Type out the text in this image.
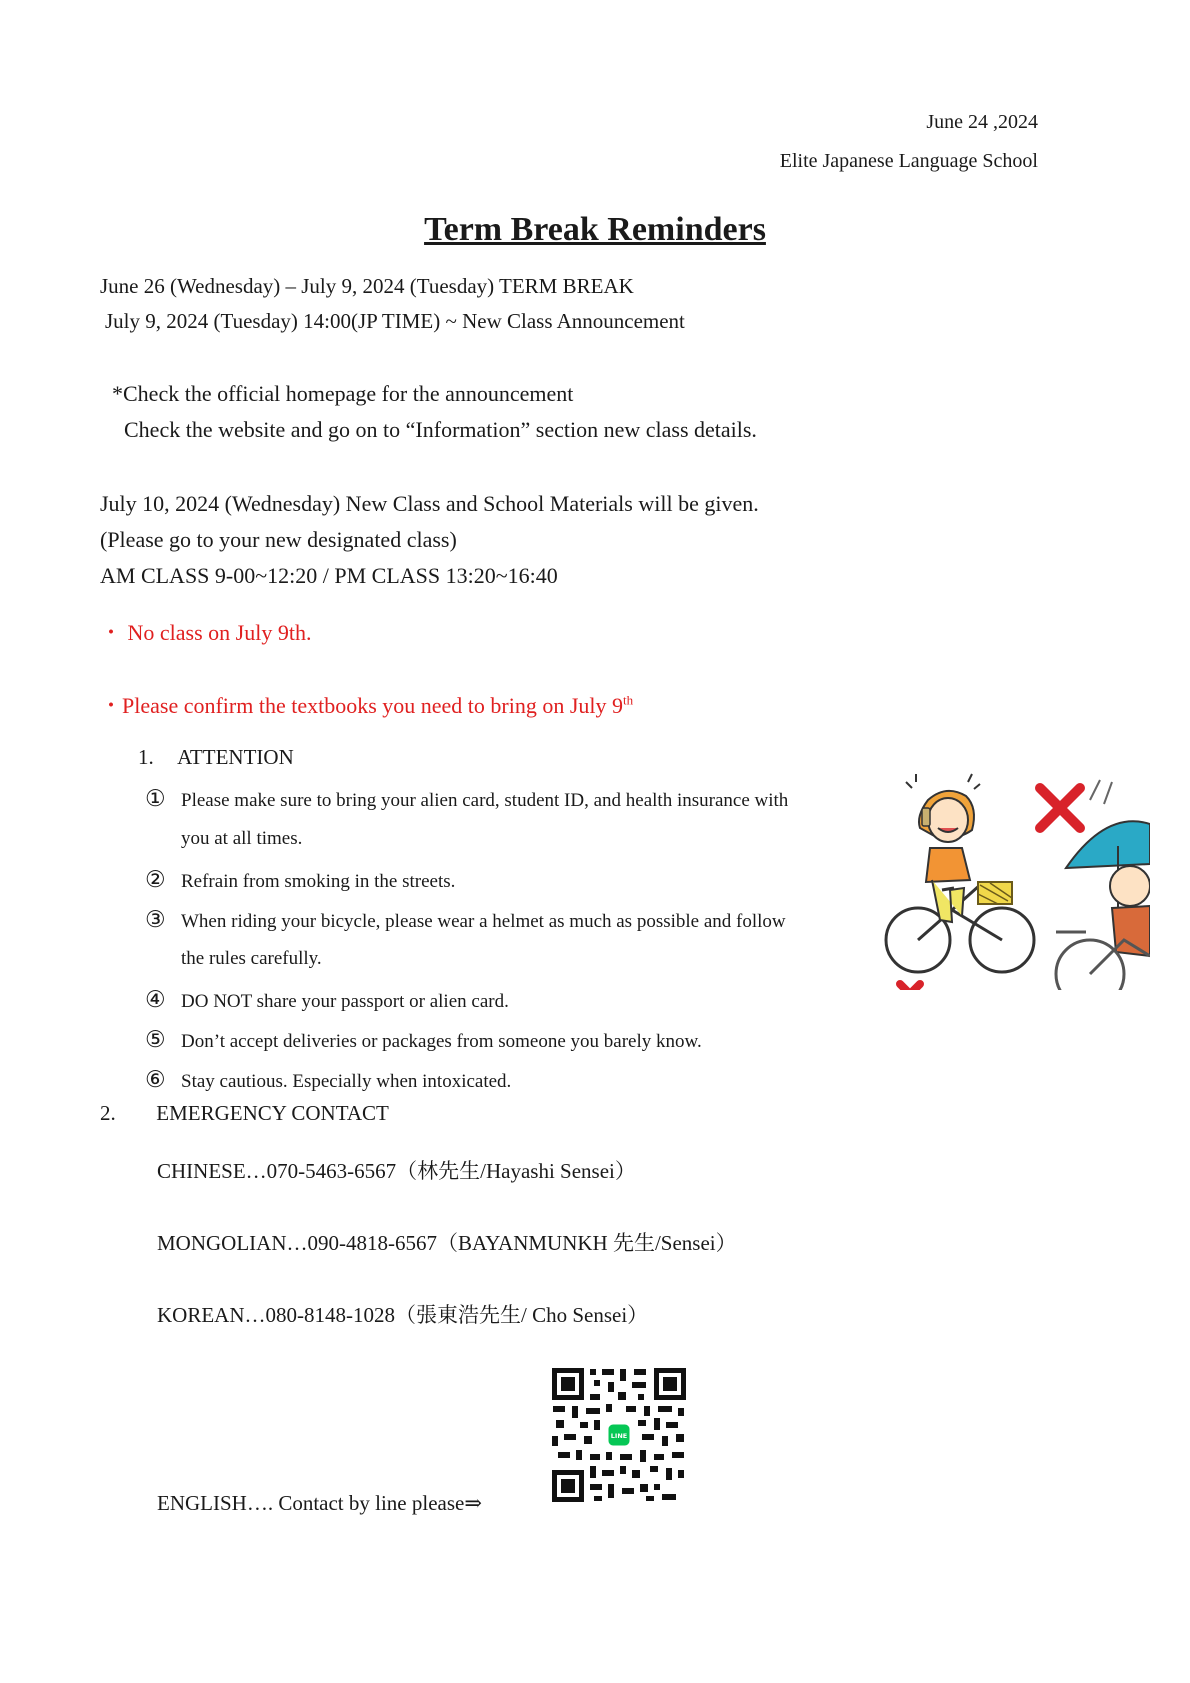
June 24 ,2024
Elite Japanese Language School
Term Break Reminders
June 26 (Wednesday) – July 9, 2024 (Tuesday) TERM BREAK
July 9, 2024 (Tuesday) 14:00(JP TIME) ~ New Class Announcement
*Check the official homepage for the announcement
Check the website and go on to “Information” section new class details.
July 10, 2024 (Wednesday) New Class and School Materials will be given.
(Please go to your new designated class)
AM CLASS 9-00~12:20 / PM CLASS 13:20~16:40
・ No class on July 9th.
・Please confirm the textbooks you need to bring on July 9th
1. ATTENTION
① Please make sure to bring your alien card, student ID, and health insurance with
you at all times.
② Refrain from smoking in the streets.
③ When riding your bicycle, please wear a helmet as much as possible and follow
the rules carefully.
④ DO NOT share your passport or alien card.
⑤ Don’t accept deliveries or packages from someone you barely know.
⑥ Stay cautious. Especially when intoxicated.
2. EMERGENCY CONTACT
CHINESE…070-5463-6567（林先生/Hayashi Sensei）
MONGOLIAN…090-4818-6567（BAYANMUNKH 先生/Sensei）
KOREAN…080-8148-1028（張東浩先生/ Cho Sensei）
ENGLISH…. Contact by line please⇒
LINE
